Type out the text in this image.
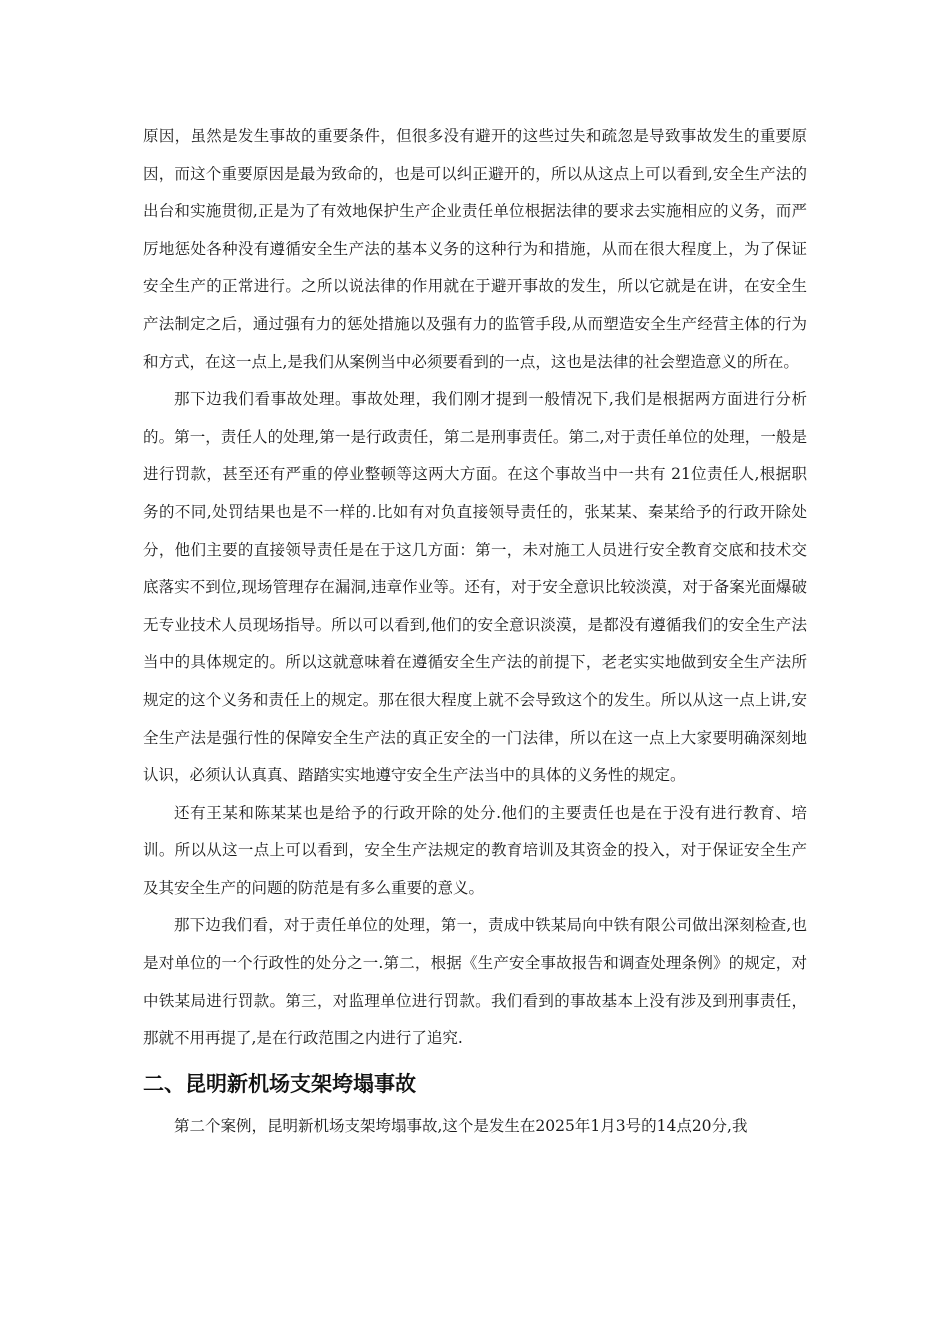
原因，虽然是发生事故的重要条件，但很多没有避开的这些过失和疏忽是导致事故发生的重要原因，而这个重要原因是最为致命的，也是可以纠正避开的，所以从这点上可以看到,安全生产法的出台和实施贯彻,正是为了有效地保护生产企业责任单位根据法律的要求去实施相应的义务，而严厉地惩处各种没有遵循安全生产法的基本义务的这种行为和措施，从而在很大程度上，为了保证安全生产的正常进行。之所以说法律的作用就在于避开事故的发生，所以它就是在讲，在安全生产法制定之后，通过强有力的惩处措施以及强有力的监管手段,从而塑造安全生产经营主体的行为和方式，在这一点上,是我们从案例当中必须要看到的一点，这也是法律的社会塑造意义的所在。

那下边我们看事故处理。事故处理，我们刚才提到一般情况下,我们是根据两方面进行分析的。第一，责任人的处理,第一是行政责任，第二是刑事责任。第二,对于责任单位的处理，一般是进行罚款，甚至还有严重的停业整顿等这两大方面。在这个事故当中一共有 21位责任人,根据职务的不同,处罚结果也是不一样的.比如有对负直接领导责任的，张某某、秦某给予的行政开除处分，他们主要的直接领导责任是在于这几方面：第一，未对施工人员进行安全教育交底和技术交底落实不到位,现场管理存在漏洞,违章作业等。还有，对于安全意识比较淡漠，对于备案光面爆破无专业技术人员现场指导。所以可以看到,他们的安全意识淡漠，是都没有遵循我们的安全生产法当中的具体规定的。所以这就意味着在遵循安全生产法的前提下，老老实实地做到安全生产法所规定的这个义务和责任上的规定。那在很大程度上就不会导致这个的发生。所以从这一点上讲,安全生产法是强行性的保障安全生产法的真正安全的一门法律，所以在这一点上大家要明确深刻地认识，必须认认真真、踏踏实实地遵守安全生产法当中的具体的义务性的规定。

还有王某和陈某某也是给予的行政开除的处分.他们的主要责任也是在于没有进行教育、培训。所以从这一点上可以看到，安全生产法规定的教育培训及其资金的投入，对于保证安全生产及其安全生产的问题的防范是有多么重要的意义。

那下边我们看，对于责任单位的处理，第一，责成中铁某局向中铁有限公司做出深刻检查,也是对单位的一个行政性的处分之一.第二，根据《生产安全事故报告和调查处理条例》的规定，对中铁某局进行罚款。第三，对监理单位进行罚款。我们看到的事故基本上没有涉及到刑事责任，那就不用再提了,是在行政范围之内进行了追究.

二、昆明新机场支架垮塌事故

第二个案例，昆明新机场支架垮塌事故,这个是发生在2025年1月3号的14点20分,我
